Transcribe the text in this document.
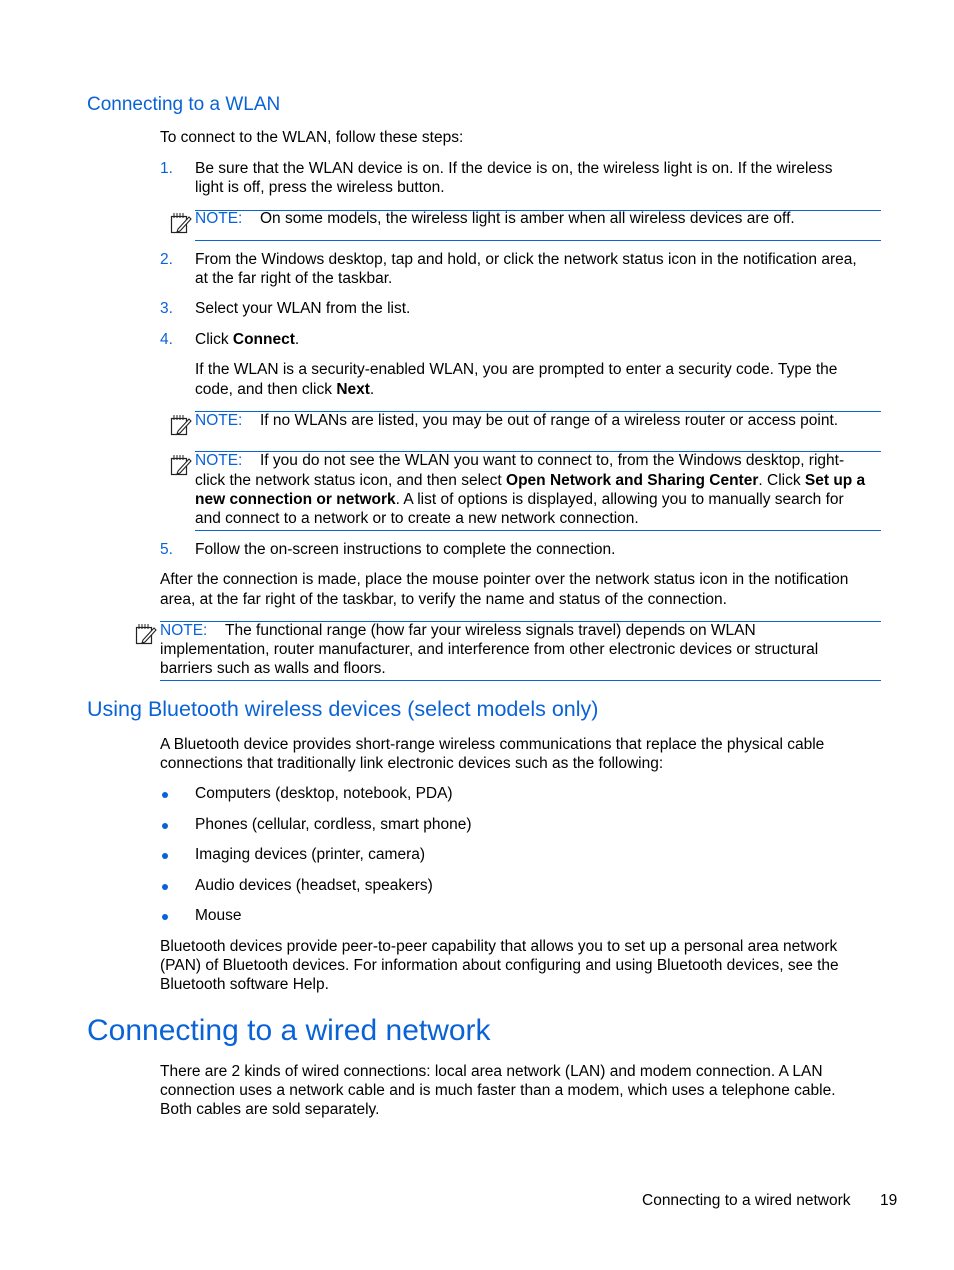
Connecting to a WLAN
To connect to the WLAN, follow these steps:
1. Be sure that the WLAN device is on. If the device is on, the wireless light is on. If the wireless
light is off, press the wireless button.
NOTE: On some models, the wireless light is amber when all wireless devices are off.
2. From the Windows desktop, tap and hold, or click the network status icon in the notification area,
at the far right of the taskbar.
3. Select your WLAN from the list.
4. Click Connect.
If the WLAN is a security-enabled WLAN, you are prompted to enter a security code. Type the
code, and then click Next.
NOTE: If no WLANs are listed, you may be out of range of a wireless router or access point.
NOTE: If you do not see the WLAN you want to connect to, from the Windows desktop, right-
click the network status icon, and then select Open Network and Sharing Center. Click Set up a
new connection or network. A list of options is displayed, allowing you to manually search for
and connect to a network or to create a new network connection.
5. Follow the on-screen instructions to complete the connection.
After the connection is made, place the mouse pointer over the network status icon in the notification
area, at the far right of the taskbar, to verify the name and status of the connection.
NOTE: The functional range (how far your wireless signals travel) depends on WLAN
implementation, router manufacturer, and interference from other electronic devices or structural
barriers such as walls and floors.
Using Bluetooth wireless devices (select models only)
A Bluetooth device provides short-range wireless communications that replace the physical cable
connections that traditionally link electronic devices such as the following:
Computers (desktop, notebook, PDA)
Phones (cellular, cordless, smart phone)
Imaging devices (printer, camera)
Audio devices (headset, speakers)
Mouse
Bluetooth devices provide peer-to-peer capability that allows you to set up a personal area network
(PAN) of Bluetooth devices. For information about configuring and using Bluetooth devices, see the
Bluetooth software Help.
Connecting to a wired network
There are 2 kinds of wired connections: local area network (LAN) and modem connection. A LAN
connection uses a network cable and is much faster than a modem, which uses a telephone cable.
Both cables are sold separately.
Connecting to a wired network 19
